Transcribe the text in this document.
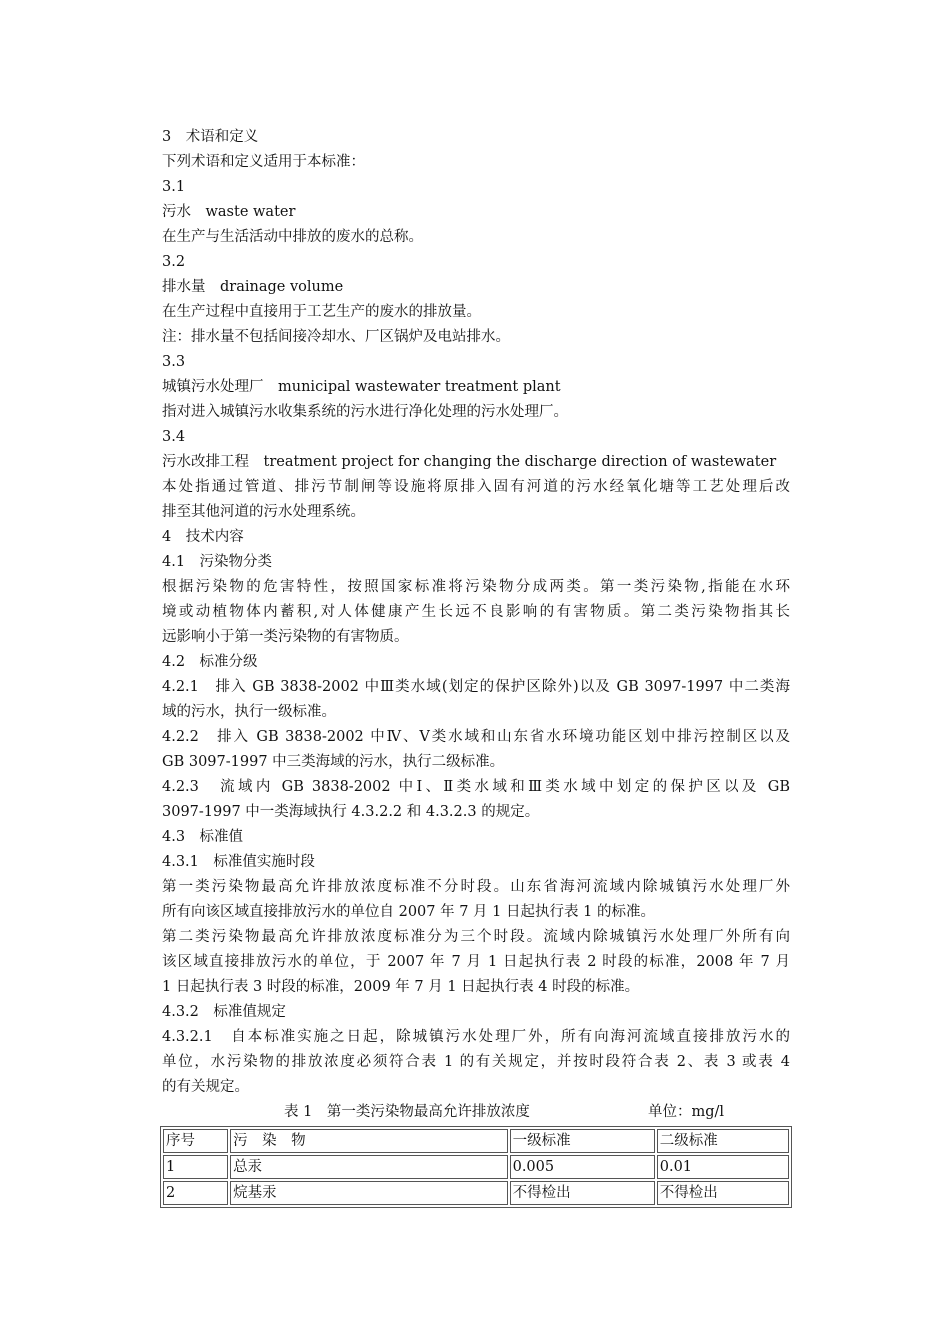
3　术语和定义
下列术语和定义适用于本标准：
3.1
污水　waste water
在生产与生活活动中排放的废水的总称。
3.2
排水量　drainage volume
在生产过程中直接用于工艺生产的废水的排放量。
注：排水量不包括间接冷却水、厂区锅炉及电站排水。
3.3
城镇污水处理厂　municipal wastewater treatment plant
指对进入城镇污水收集系统的污水进行净化处理的污水处理厂。
3.4
污水改排工程　treatment project for changing the discharge direction of wastewater
本处指通过管道、排污节制闸等设施将原排入固有河道的污水经氧化塘等工艺处理后改
排至其他河道的污水处理系统。
4　技术内容
4.1　污染物分类
根据污染物的危害特性，按照国家标准将污染物分成两类。第一类污染物,指能在水环
境或动植物体内蓄积,对人体健康产生长远不良影响的有害物质。第二类污染物指其长
远影响小于第一类污染物的有害物质。
4.2　标准分级
4.2.1　排入 GB 3838-2002 中Ⅲ类水域(划定的保护区除外)以及 GB 3097-1997 中二类海
域的污水，执行一级标准。
4.2.2　排入 GB 3838-2002 中Ⅳ、Ⅴ类水域和山东省水环境功能区划中排污控制区以及
GB 3097-1997 中三类海域的污水，执行二级标准。
4.2.3　流域内 GB 3838-2002 中Ⅰ、Ⅱ类水域和Ⅲ类水域中划定的保护区以及 GB
3097-1997 中一类海域执行 4.3.2.2 和 4.3.2.3 的规定。
4.3　标准值
4.3.1　标准值实施时段
第一类污染物最高允许排放浓度标准不分时段。山东省海河流域内除城镇污水处理厂外
所有向该区域直接排放污水的单位自 2007 年 7 月 1 日起执行表 1 的标准。
第二类污染物最高允许排放浓度标准分为三个时段。流域内除城镇污水处理厂外所有向
该区域直接排放污水的单位，于 2007 年 7 月 1 日起执行表 2 时段的标准，2008 年 7 月
1 日起执行表 3 时段的标准，2009 年 7 月 1 日起执行表 4 时段的标准。
4.3.2　标准值规定
4.3.2.1　自本标准实施之日起，除城镇污水处理厂外，所有向海河流域直接排放污水的
单位，水污染物的排放浓度必须符合表 1 的有关规定，并按时段符合表 2、表 3 或表 4
的有关规定。
表 1　第一类污染物最高允许排放浓度	单位：mg/l
序号	污　染　物	一级标准	二级标准
1	总汞	0.005	0.01
2	烷基汞	不得检出	不得检出
